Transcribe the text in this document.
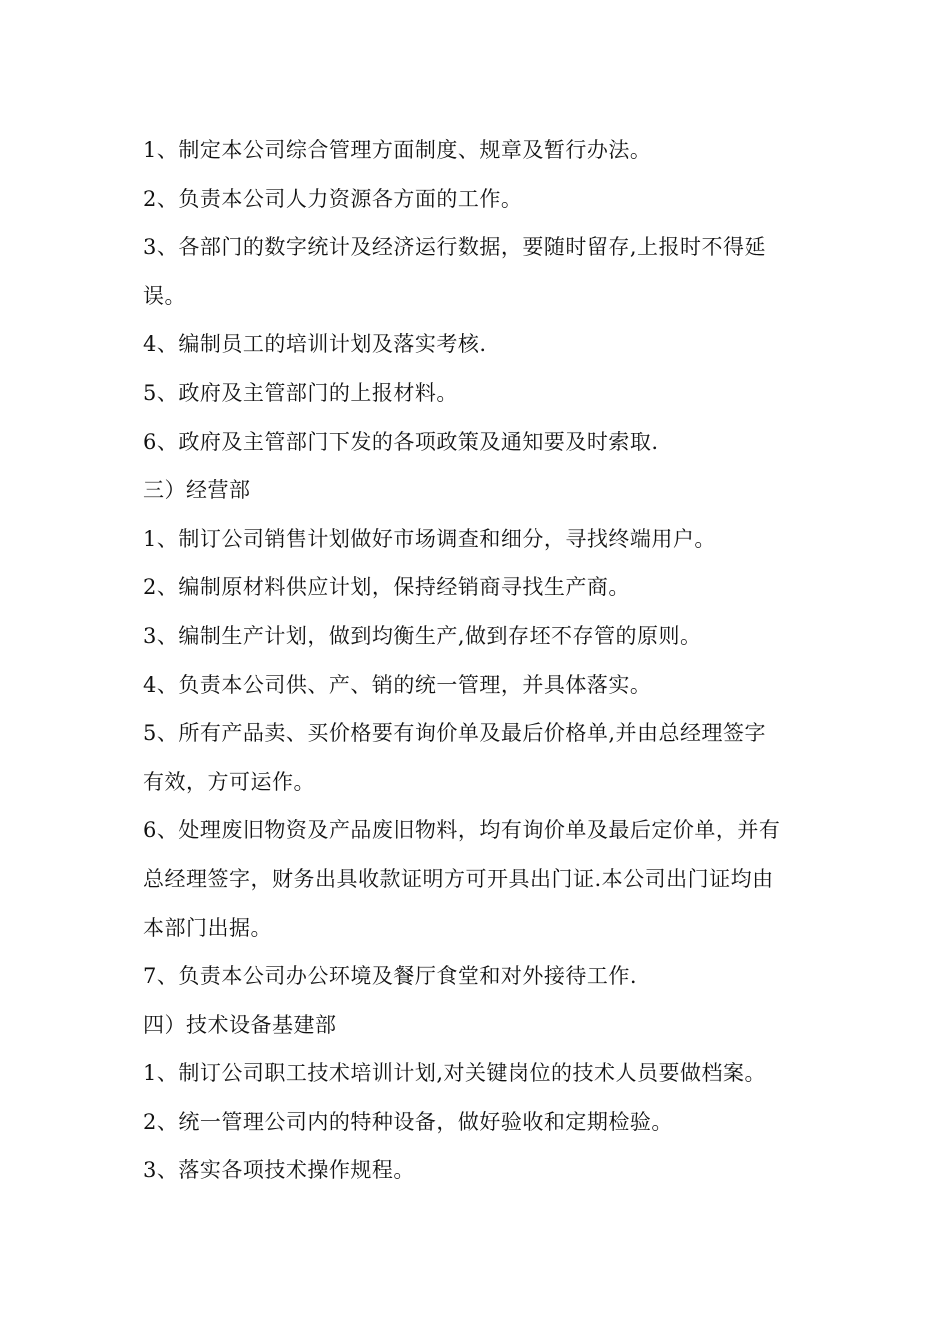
1、制定本公司综合管理方面制度、规章及暂行办法。
2、负责本公司人力资源各方面的工作。
3、各部门的数字统计及经济运行数据，要随时留存,上报时不得延
误。
4、编制员工的培训计划及落实考核.
5、政府及主管部门的上报材料。
6、政府及主管部门下发的各项政策及通知要及时索取.
三）经营部
1、制订公司销售计划做好市场调查和细分，寻找终端用户。
2、编制原材料供应计划，保持经销商寻找生产商。
3、编制生产计划，做到均衡生产,做到存坯不存管的原则。
4、负责本公司供、产、销的统一管理，并具体落实。
5、所有产品卖、买价格要有询价单及最后价格单,并由总经理签字
有效，方可运作。
6、处理废旧物资及产品废旧物料，均有询价单及最后定价单，并有
总经理签字，财务出具收款证明方可开具出门证.本公司出门证均由
本部门出据。
7、负责本公司办公环境及餐厅食堂和对外接待工作.
四）技术设备基建部
1、制订公司职工技术培训计划,对关键岗位的技术人员要做档案。
2、统一管理公司内的特种设备，做好验收和定期检验。
3、落实各项技术操作规程。
